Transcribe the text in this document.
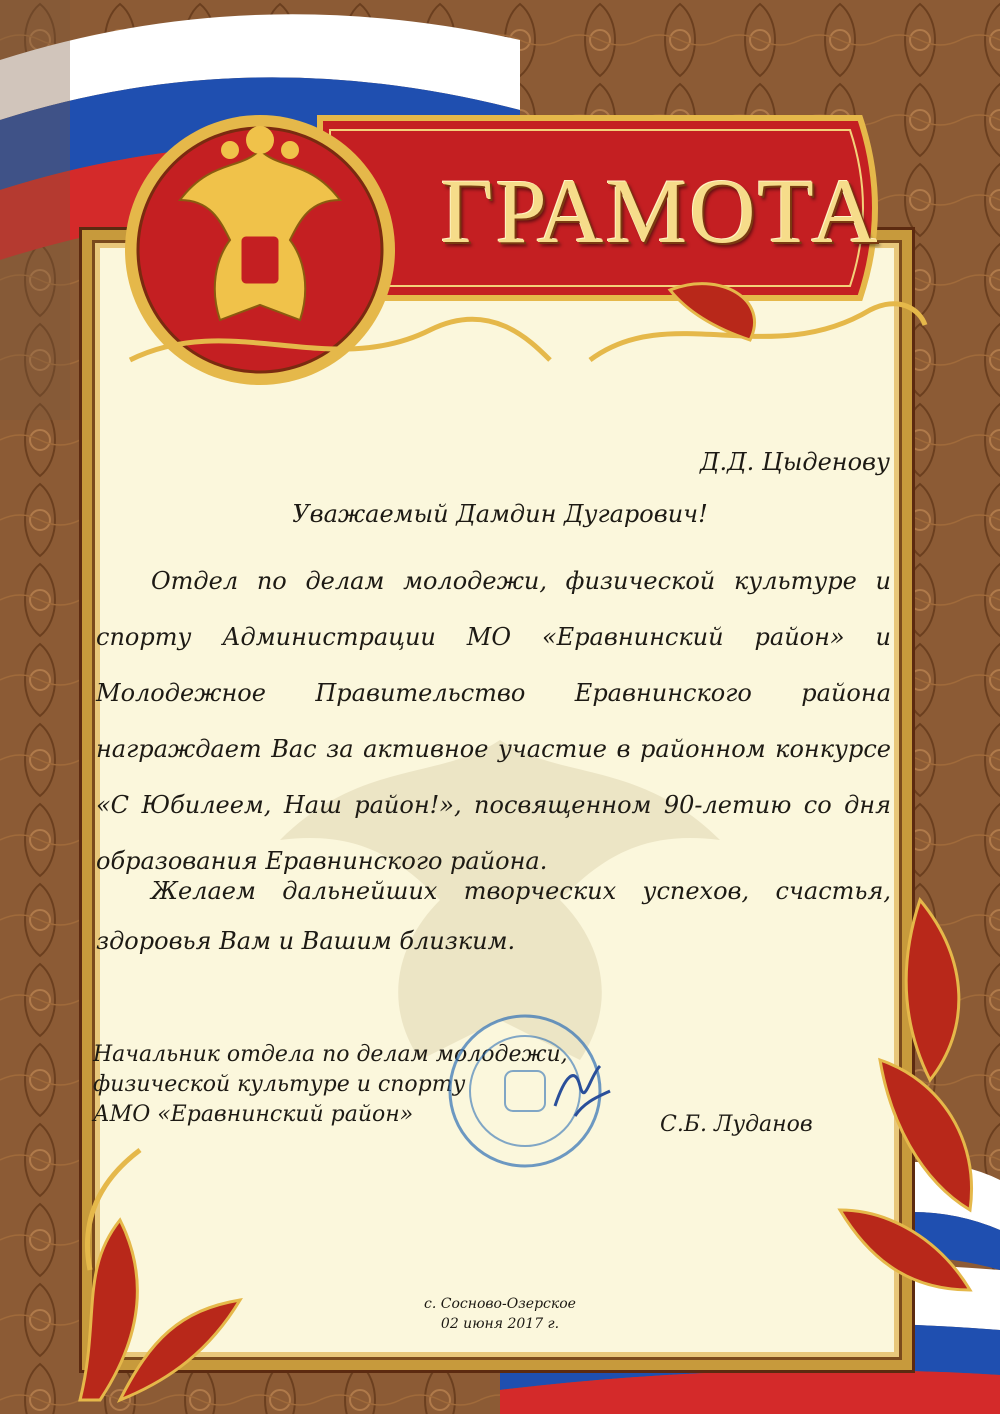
ГРАМОТА
Д.Д. Цыденову
Уважаемый Дамдин Дугарович!
Отдел по делам молодежи, физической культуре и спорту Администрации МО «Еравнинский район» и Молодежное Правительство Еравнинского района награждает Вас за активное участие в районном конкурсе «С Юбилеем, Наш район!», посвященном 90-летию со дня образования Еравнинского района.
Желаем дальнейших творческих успехов, счастья, здоровья Вам и Вашим близким.
Начальник отдела по делам молодежи,
физической культуре и спорту
АМО «Еравнинский район»	С.Б. Луданов
с. Сосново-Озерское
02 июня 2017 г.
